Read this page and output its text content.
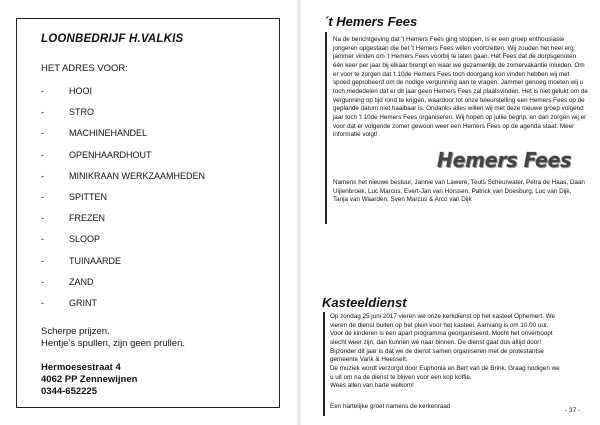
LOONBEDRIJF H.VALKIS

HET ADRES VOOR:

-	HOOI
-	STRO
-	MACHINEHANDEL
-	OPENHAARDHOUT
-	MINIKRAAN WERKZAAMHEDEN
-	SPITTEN
-	FREZEN
-	SLOOP
-	TUINAARDE
-	ZAND
-	GRINT

Scherpe prijzen.
Hentje’s spullen, zijn geen prullen.

Hermoesestraat 4
4062 PP Zennewijnen
0344-652225

´t Hemers Fees

Na de berichtgeving dat 't Hemers Fees ging stoppen, is er een groep enthousiaste jongeren opgestaan die het 't Hemers Fees willen voortzetten. Wij zouden het heel erg jammer vinden om 't Hemers Fees voorbij te laten gaan. Het Fees dat de dorpsgenoten één keer per jaar bij elkaar brengt en waar we gezamenlijk de zomervakantie inluiden. Om er voor te zorgen dat 't 10de Hemers Fees toch doorgang kon vinden hebben wij met spoed geprobeerd om de nodige vergunning aan te vragen. Jammer genoeg moeten wij u toch mededelen dat er dit jaar geen Hemers Fees zal plaatsvinden. Het is niet gelukt om de vergunning op tijd rond te krijgen, waardoor tot onze teleurstelling een Hemers Fees op de geplande datum niet haalbaar is. Ondanks alles willen wij met deze nieuwe groep volgend jaar toch 't 10de Hemers Fees organiseren. Wij hopen op jullie begrip, en dan zorgen wij er voor dat er volgende zomer gewoon weer een Hemers Fees op de agenda staat. Meer informatie volgt!

Hemers Fees

Namens het nieuwe bestuur, Jannie van Lawere, Teuts Scheurwater, Petra de Haas, Daan Uijlenbroek, Luc Marcus, Evert-Jan van Horssen, Patrick van Doesburg, Luc van Dijk, Tanja van Waarden, Sven Marcus & Arco van Dijk

Kasteeldienst

Op zondag 25 juni 2017 vieren we onze kerkdienst op het kasteel Ophemert. We
vieren de dienst buiten op het plein voor het kasteel. Aanvang is om 10.00 uur.
Voor de kinderen is een apart programma georganiseerd. Mocht het onverhoopt
slecht weer zijn, dan kunnen we naar binnen. De dienst gaat dus altijd door!
Bijzonder dit jaar is dat we de dienst samen organiseren met de protestantse
gemeente Varik & Heesselt.
De muziek wordt verzorgd door Euphonia en Bert van de Brink. Graag nodigen we
u uit om na de dienst te blijven voor een kop koffie.
Wees allen van harte welkom!

Een hartelijke groet namens de kerkenraad

- 37 -
